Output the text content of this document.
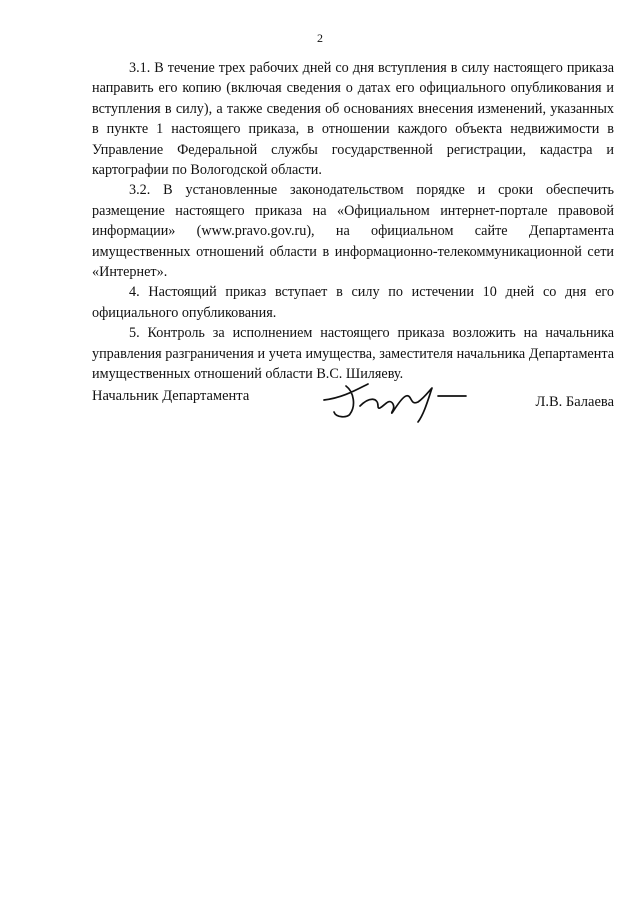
2

3.1. В течение трех рабочих дней со дня вступления в силу настоящего приказа направить его копию (включая сведения о датах его официального опубликования и вступления в силу), а также сведения об основаниях внесения изменений, указанных в пункте 1 настоящего приказа, в отношении каждого объекта недвижимости в Управление Федеральной службы государственной регистрации, кадастра и картографии по Вологодской области.

3.2. В установленные законодательством порядке и сроки обеспечить размещение настоящего приказа на «Официальном интернет-портале правовой информации» (www.pravo.gov.ru), на официальном сайте Департамента имущественных отношений области в информационно-телекоммуникационной сети «Интернет».

4. Настоящий приказ вступает в силу по истечении 10 дней со дня его официального опубликования.

5. Контроль за исполнением настоящего приказа возложить на начальника управления разграничения и учета имущества, заместителя начальника Департамента имущественных отношений области В.С. Шиляеву.

Начальник Департамента	Л.В. Балаева
